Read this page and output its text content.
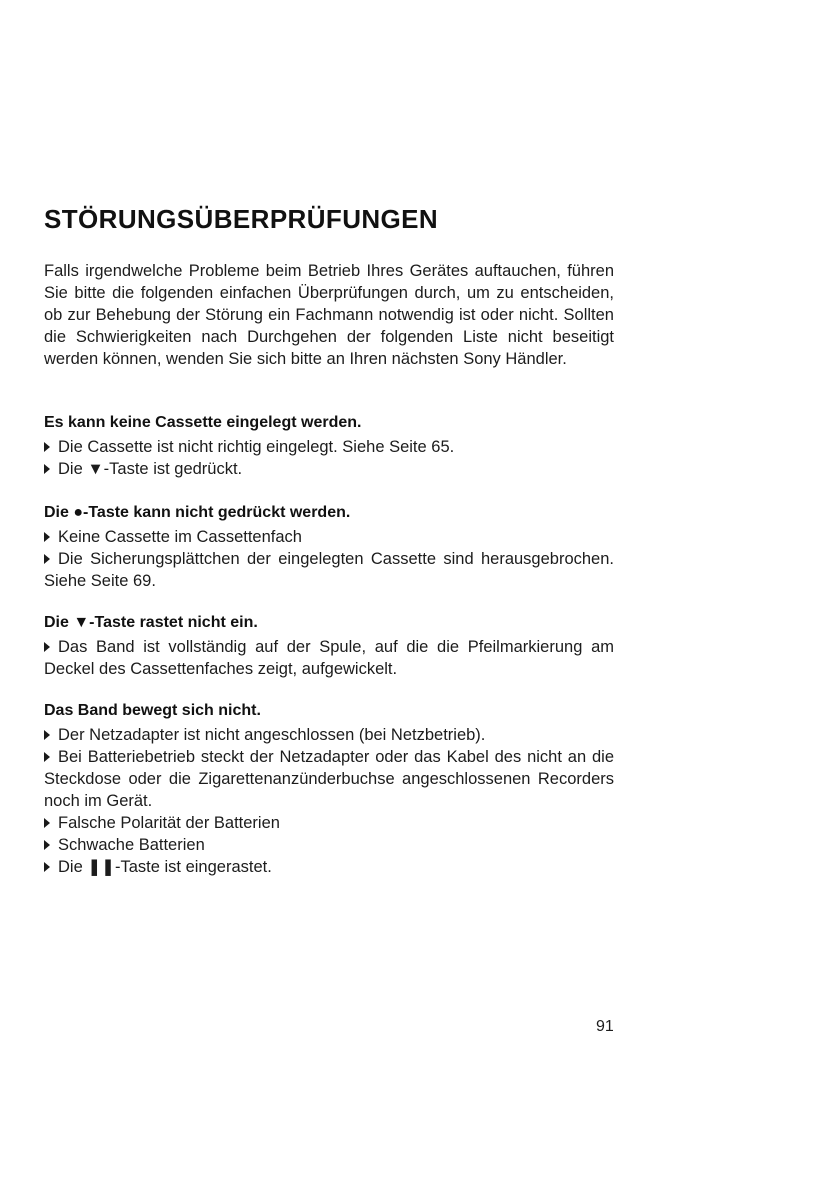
STÖRUNGSÜBERPRÜFUNGEN

Falls irgendwelche Probleme beim Betrieb Ihres Gerätes auftauchen, führen Sie bitte die folgenden einfachen Überprüfungen durch, um zu entscheiden, ob zur Behebung der Störung ein Fachmann notwendig ist oder nicht. Sollten die Schwierigkeiten nach Durchgehen der folgenden Liste nicht beseitigt werden können, wenden Sie sich bitte an Ihren nächsten Sony Händler.

Es kann keine Cassette eingelegt werden.
Die Cassette ist nicht richtig eingelegt. Siehe Seite 65.
Die ▼-Taste ist gedrückt.
Die ●-Taste kann nicht gedrückt werden.
Keine Cassette im Cassettenfach
Die Sicherungsplättchen der eingelegten Cassette sind herausgebrochen. Siehe Seite 69.
Die ▼-Taste rastet nicht ein.
Das Band ist vollständig auf der Spule, auf die die Pfeilmarkierung am Deckel des Cassettenfaches zeigt, aufgewickelt.
Das Band bewegt sich nicht.
Der Netzadapter ist nicht angeschlossen (bei Netzbetrieb).
Bei Batteriebetrieb steckt der Netzadapter oder das Kabel des nicht an die Steckdose oder die Zigarettenanzünderbuchse angeschlossenen Recorders noch im Gerät.
Falsche Polarität der Batterien
Schwache Batterien
Die ❚❚-Taste ist eingerastet.
91
